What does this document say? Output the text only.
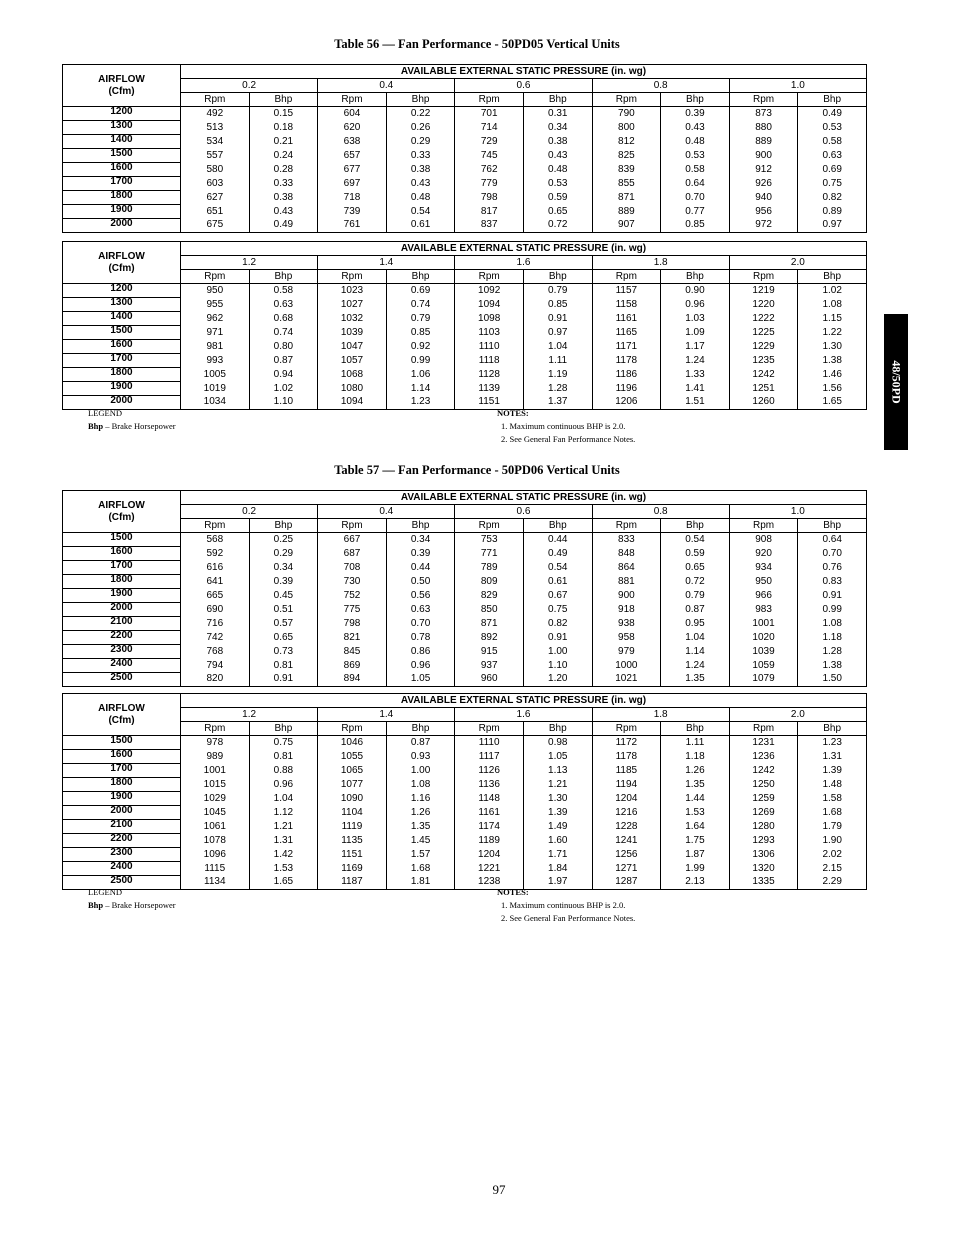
Table 56 — Fan Performance - 50PD05 Vertical Units
AIRFLOW
(Cfm)	AVAILABLE EXTERNAL STATIC PRESSURE (in. wg)									
	0.2		0.4		0.6		0.8		1.0	
	Rpm	Bhp	Rpm	Bhp	Rpm	Bhp	Rpm	Bhp	Rpm	Bhp
1200	492	0.15	604	0.22	701	0.31	790	0.39	873	0.49
1300	513	0.18	620	0.26	714	0.34	800	0.43	880	0.53
1400	534	0.21	638	0.29	729	0.38	812	0.48	889	0.58
1500	557	0.24	657	0.33	745	0.43	825	0.53	900	0.63
1600	580	0.28	677	0.38	762	0.48	839	0.58	912	0.69
1700	603	0.33	697	0.43	779	0.53	855	0.64	926	0.75
1800	627	0.38	718	0.48	798	0.59	871	0.70	940	0.82
1900	651	0.43	739	0.54	817	0.65	889	0.77	956	0.89
2000	675	0.49	761	0.61	837	0.72	907	0.85	972	0.97
AIRFLOW
(Cfm)	AVAILABLE EXTERNAL STATIC PRESSURE (in. wg)									
	1.2		1.4		1.6		1.8		2.0	
	Rpm	Bhp	Rpm	Bhp	Rpm	Bhp	Rpm	Bhp	Rpm	Bhp
1200	950	0.58	1023	0.69	1092	0.79	1157	0.90	1219	1.02
1300	955	0.63	1027	0.74	1094	0.85	1158	0.96	1220	1.08
1400	962	0.68	1032	0.79	1098	0.91	1161	1.03	1222	1.15
1500	971	0.74	1039	0.85	1103	0.97	1165	1.09	1225	1.22
1600	981	0.80	1047	0.92	1110	1.04	1171	1.17	1229	1.30
1700	993	0.87	1057	0.99	1118	1.11	1178	1.24	1235	1.38
1800	1005	0.94	1068	1.06	1128	1.19	1186	1.33	1242	1.46
1900	1019	1.02	1080	1.14	1139	1.28	1196	1.41	1251	1.56
2000	1034	1.10	1094	1.23	1151	1.37	1206	1.51	1260	1.65
LEGEND
Bhp – Brake Horsepower
NOTES:
1. Maximum continuous BHP is 2.0.
2. See General Fan Performance Notes.
Table 57 — Fan Performance - 50PD06 Vertical Units
AIRFLOW
(Cfm)	AVAILABLE EXTERNAL STATIC PRESSURE (in. wg)									
	0.2		0.4		0.6		0.8		1.0	
	Rpm	Bhp	Rpm	Bhp	Rpm	Bhp	Rpm	Bhp	Rpm	Bhp
1500	568	0.25	667	0.34	753	0.44	833	0.54	908	0.64
1600	592	0.29	687	0.39	771	0.49	848	0.59	920	0.70
1700	616	0.34	708	0.44	789	0.54	864	0.65	934	0.76
1800	641	0.39	730	0.50	809	0.61	881	0.72	950	0.83
1900	665	0.45	752	0.56	829	0.67	900	0.79	966	0.91
2000	690	0.51	775	0.63	850	0.75	918	0.87	983	0.99
2100	716	0.57	798	0.70	871	0.82	938	0.95	1001	1.08
2200	742	0.65	821	0.78	892	0.91	958	1.04	1020	1.18
2300	768	0.73	845	0.86	915	1.00	979	1.14	1039	1.28
2400	794	0.81	869	0.96	937	1.10	1000	1.24	1059	1.38
2500	820	0.91	894	1.05	960	1.20	1021	1.35	1079	1.50
AIRFLOW
(Cfm)	AVAILABLE EXTERNAL STATIC PRESSURE (in. wg)									
	1.2		1.4		1.6		1.8		2.0	
	Rpm	Bhp	Rpm	Bhp	Rpm	Bhp	Rpm	Bhp	Rpm	Bhp
1500	978	0.75	1046	0.87	1110	0.98	1172	1.11	1231	1.23
1600	989	0.81	1055	0.93	1117	1.05	1178	1.18	1236	1.31
1700	1001	0.88	1065	1.00	1126	1.13	1185	1.26	1242	1.39
1800	1015	0.96	1077	1.08	1136	1.21	1194	1.35	1250	1.48
1900	1029	1.04	1090	1.16	1148	1.30	1204	1.44	1259	1.58
2000	1045	1.12	1104	1.26	1161	1.39	1216	1.53	1269	1.68
2100	1061	1.21	1119	1.35	1174	1.49	1228	1.64	1280	1.79
2200	1078	1.31	1135	1.45	1189	1.60	1241	1.75	1293	1.90
2300	1096	1.42	1151	1.57	1204	1.71	1256	1.87	1306	2.02
2400	1115	1.53	1169	1.68	1221	1.84	1271	1.99	1320	2.15
2500	1134	1.65	1187	1.81	1238	1.97	1287	2.13	1335	2.29
LEGEND
Bhp – Brake Horsepower
NOTES:
1. Maximum continuous BHP is 2.0.
2. See General Fan Performance Notes.
48/50PD
97
